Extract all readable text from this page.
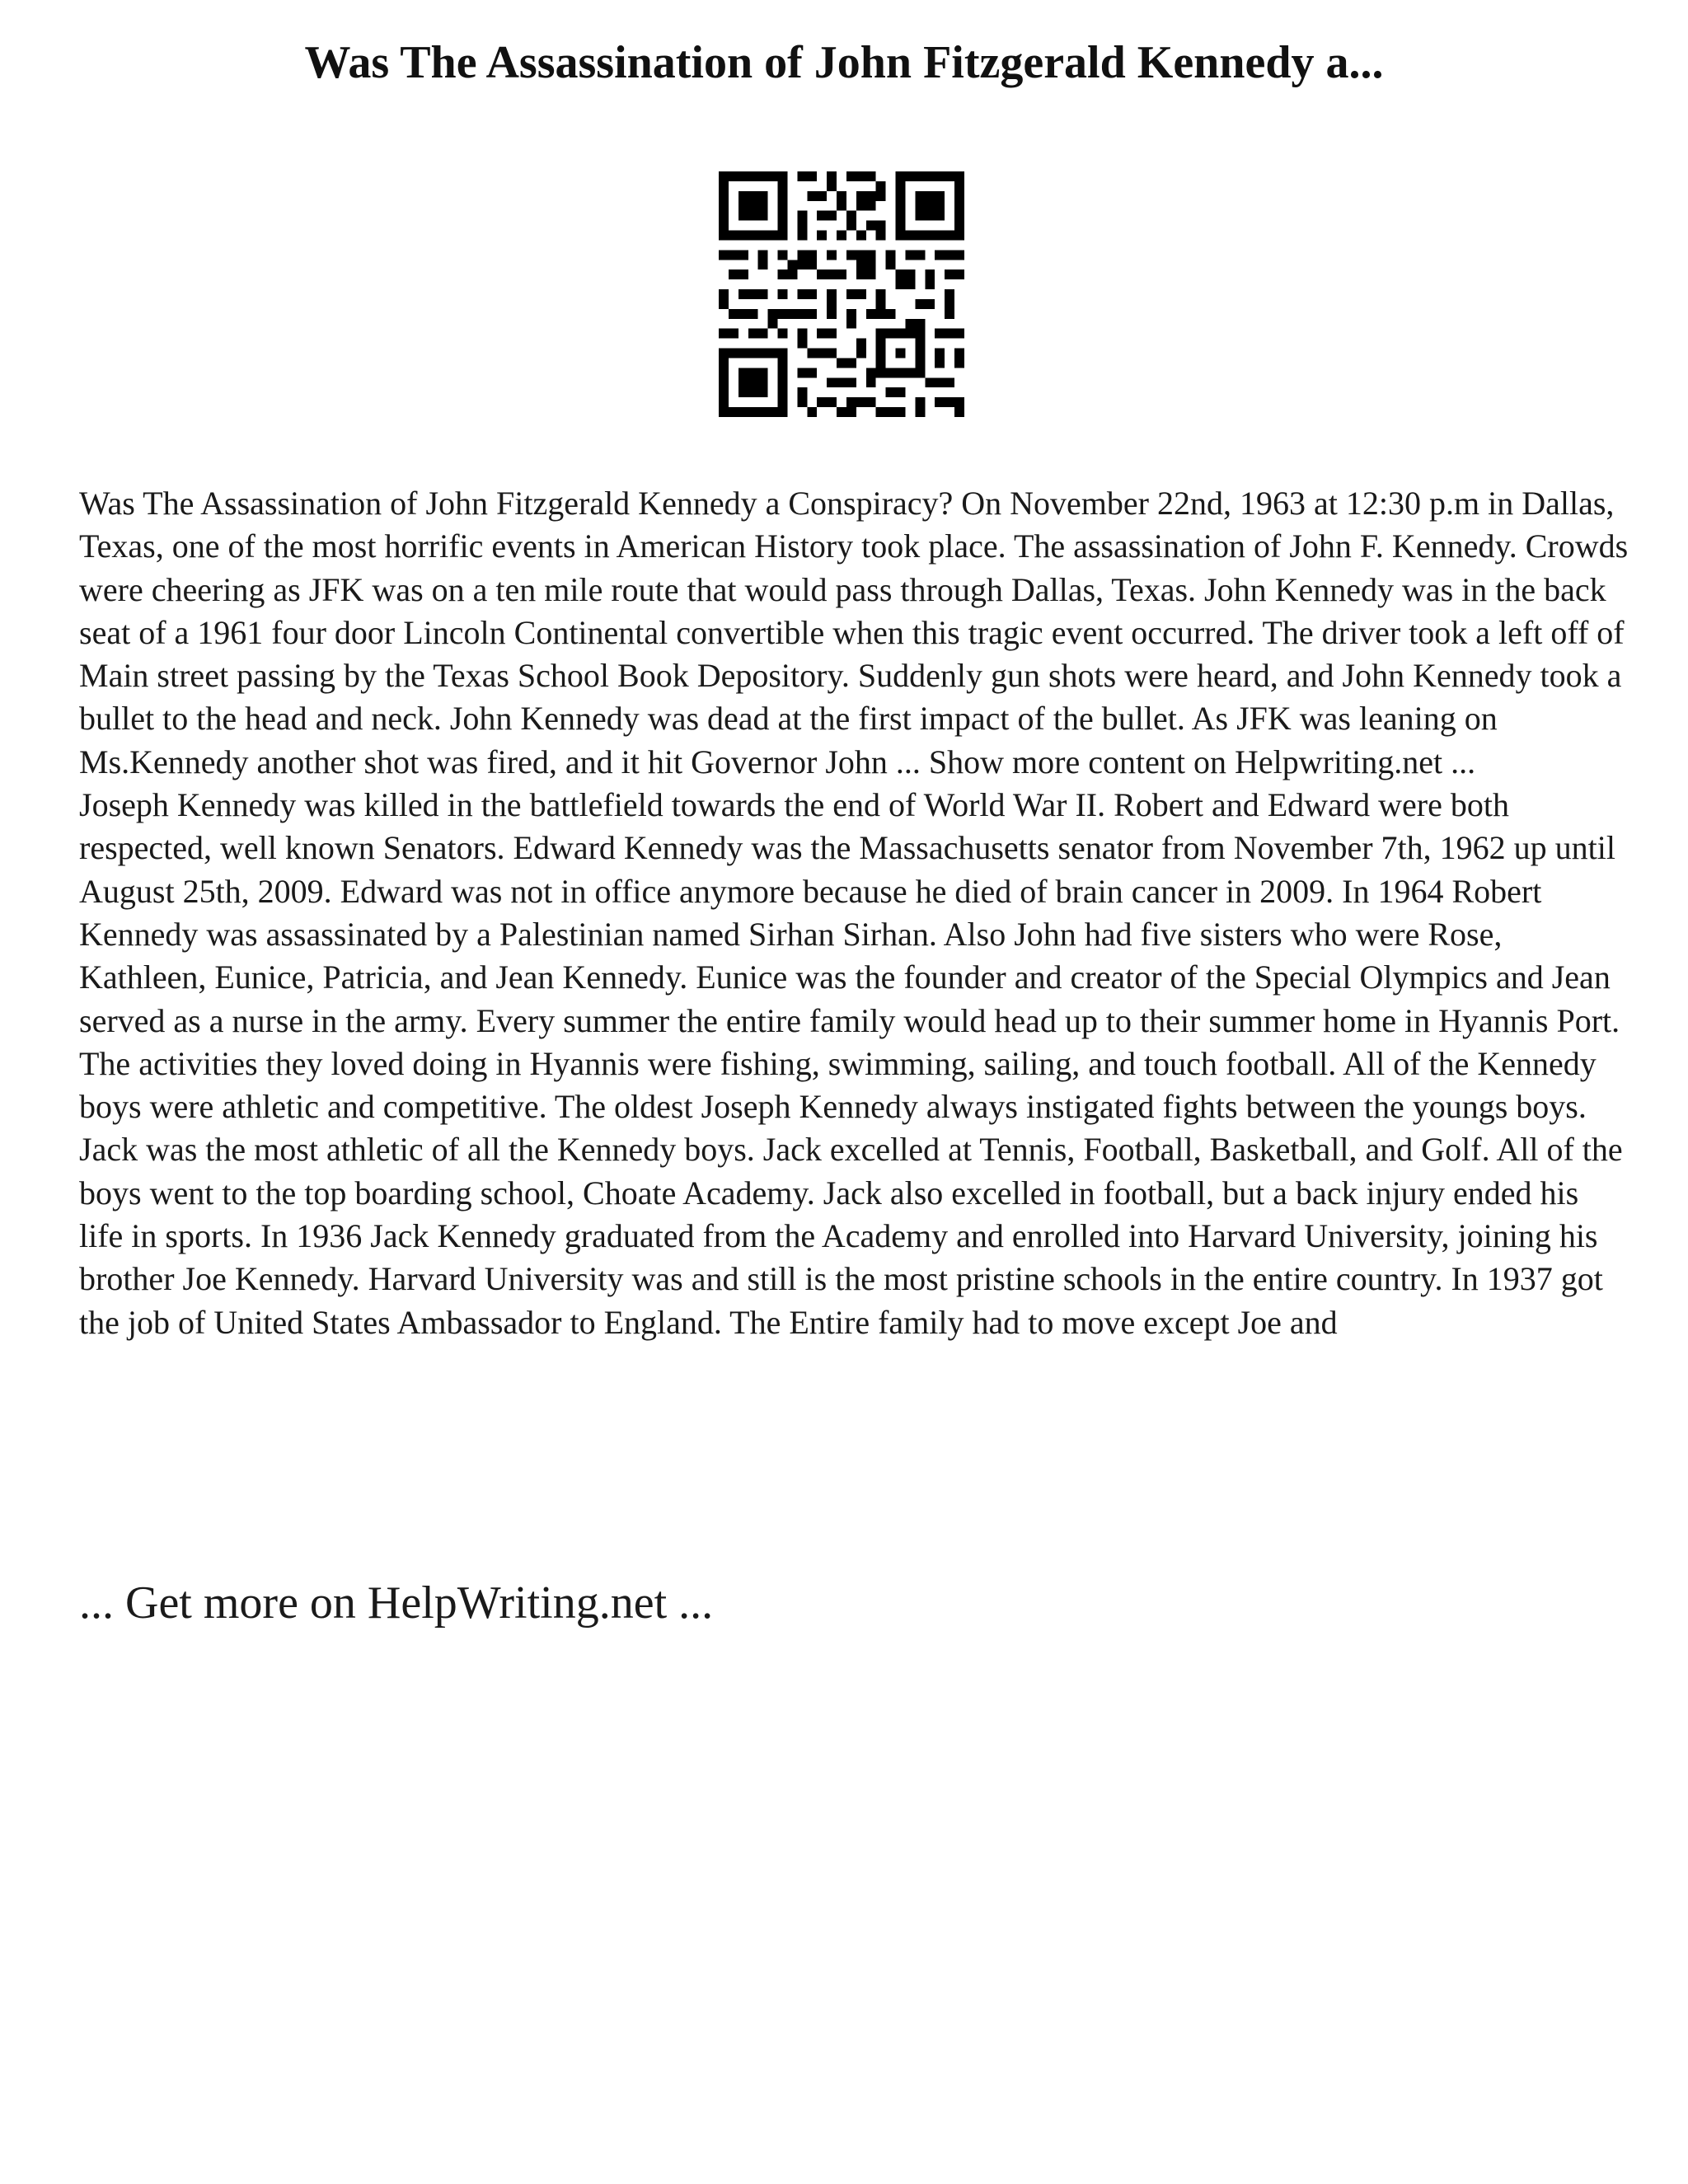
Was The Assassination of John Fitzgerald Kennedy a...

Was The Assassination of John Fitzgerald Kennedy a Conspiracy? On November 22nd, 1963 at 12:30 p.m in Dallas, Texas, one of the most horrific events in American History took place. The assassination of John F. Kennedy. Crowds were cheering as JFK was on a ten mile route that would pass through Dallas, Texas. John Kennedy was in the back seat of a 1961 four door Lincoln Continental convertible when this tragic event occurred. The driver took a left off of Main street passing by the Texas School Book Depository. Suddenly gun shots were heard, and John Kennedy took a bullet to the head and neck. John Kennedy was dead at the first impact of the bullet. As JFK was leaning on Ms.Kennedy another shot was fired, and it hit Governor John ... Show more content on Helpwriting.net ...

Joseph Kennedy was killed in the battlefield towards the end of World War II. Robert and Edward were both respected, well known Senators. Edward Kennedy was the Massachusetts senator from November 7th, 1962 up until August 25th, 2009. Edward was not in office anymore because he died of brain cancer in 2009. In 1964 Robert Kennedy was assassinated by a Palestinian named Sirhan Sirhan. Also John had five sisters who were Rose, Kathleen, Eunice, Patricia, and Jean Kennedy. Eunice was the founder and creator of the Special Olympics and Jean served as a nurse in the army. Every summer the entire family would head up to their summer home in Hyannis Port. The activities they loved doing in Hyannis were fishing, swimming, sailing, and touch football. All of the Kennedy boys were athletic and competitive. The oldest Joseph Kennedy always instigated fights between the youngs boys. Jack was the most athletic of all the Kennedy boys. Jack excelled at Tennis, Football, Basketball, and Golf. All of the boys went to the top boarding school, Choate Academy. Jack also excelled in football, but a back injury ended his life in sports. In 1936 Jack Kennedy graduated from the Academy and enrolled into Harvard University, joining his brother Joe Kennedy. Harvard University was and still is the most pristine schools in the entire country. In 1937 got the job of United States Ambassador to England. The Entire family had to move except Joe and

... Get more on HelpWriting.net ...
